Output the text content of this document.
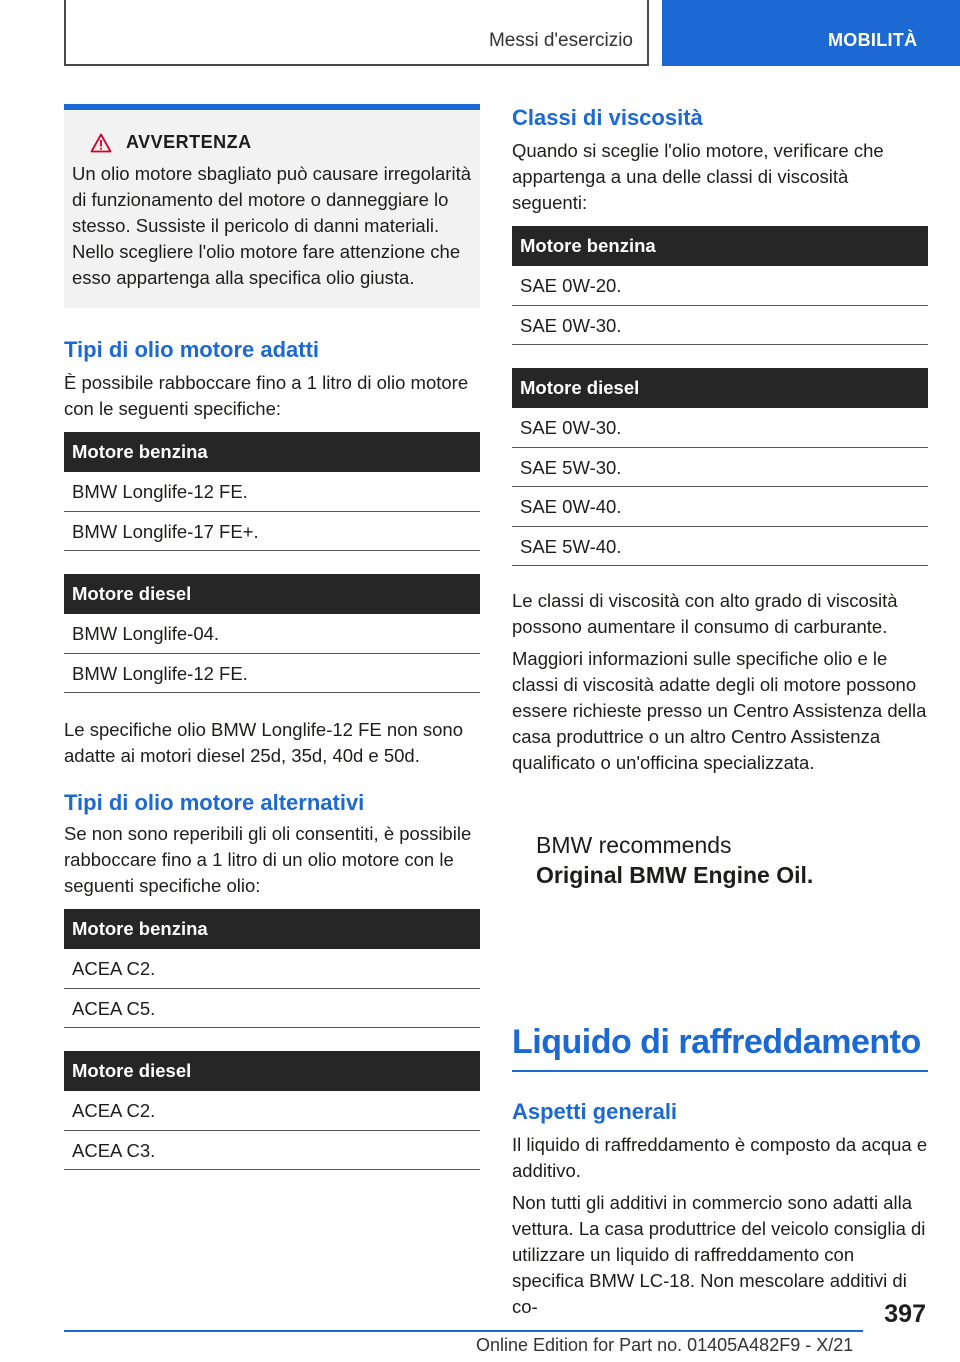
Messi d'esercizio	MOBILITÀ
AVVERTENZA
Un olio motore sbagliato può causare irregolarità di funzionamento del motore o danneggiare lo stesso. Sussiste il pericolo di danni materiali. Nello scegliere l'olio motore fare attenzione che esso appartenga alla specifica olio giusta.
Tipi di olio motore adatti
È possibile rabboccare fino a 1 litro di olio motore con le seguenti specifiche:
Motore benzina
BMW Longlife-12 FE.
BMW Longlife-17 FE+.
Motore diesel
BMW Longlife-04.
BMW Longlife-12 FE.
Le specifiche olio BMW Longlife-12 FE non sono adatte ai motori diesel 25d, 35d, 40d e 50d.
Tipi di olio motore alternativi
Se non sono reperibili gli oli consentiti, è possibile rabboccare fino a 1 litro di un olio motore con le seguenti specifiche olio:
Motore benzina
ACEA C2.
ACEA C5.
Motore diesel
ACEA C2.
ACEA C3.
Classi di viscosità
Quando si sceglie l'olio motore, verificare che appartenga a una delle classi di viscosità seguenti:
Motore benzina
SAE 0W-20.
SAE 0W-30.
Motore diesel
SAE 0W-30.
SAE 5W-30.
SAE 0W-40.
SAE 5W-40.
Le classi di viscosità con alto grado di viscosità possono aumentare il consumo di carburante.
Maggiori informazioni sulle specifiche olio e le classi di viscosità adatte degli oli motore possono essere richieste presso un Centro Assistenza della casa produttrice o un altro Centro Assistenza qualificato o un'officina specializzata.
BMW recommends
Original BMW Engine Oil.
Liquido di raffreddamento
Aspetti generali
Il liquido di raffreddamento è composto da acqua e additivo.
Non tutti gli additivi in commercio sono adatti alla vettura. La casa produttrice del veicolo consiglia di utilizzare un liquido di raffreddamento con specifica BMW LC-18. Non mescolare additivi di co-	397
Online Edition for Part no. 01405A482F9 - X/21
